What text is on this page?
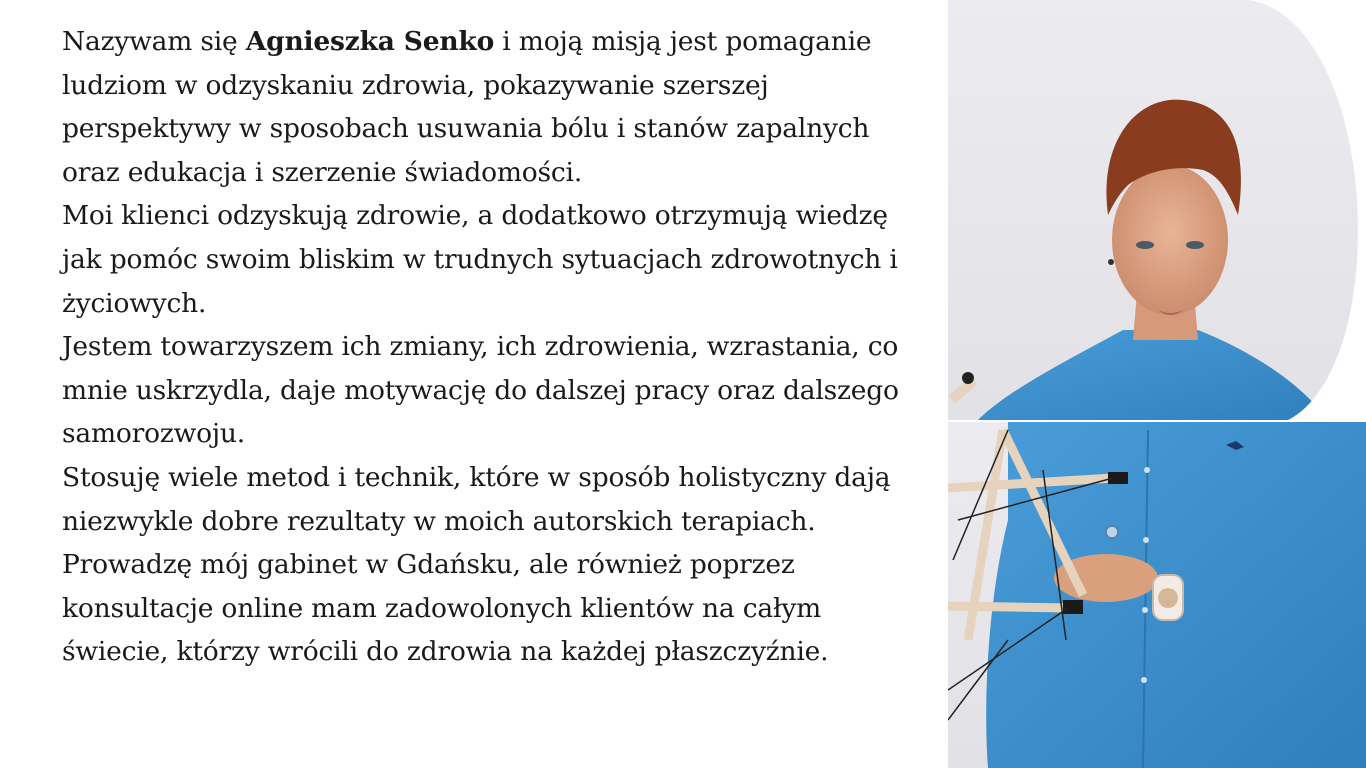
Nazywam się Agnieszka Senko i moją misją jest pomaganie ludziom w odzyskaniu zdrowia, pokazywanie szerszej perspektywy w sposobach usuwania bólu i stanów zapalnych oraz edukacja i szerzenie świadomości.

Moi klienci odzyskują zdrowie, a dodatkowo otrzymują wiedzę jak pomóc swoim bliskim w trudnych sytuacjach zdrowotnych i życiowych.

Jestem towarzyszem ich zmiany, ich zdrowienia, wzrastania, co mnie uskrzydla, daje motywację do dalszej pracy oraz dalszego samorozwoju.

Stosuję wiele metod i technik, które w sposób holistyczny dają niezwykle dobre rezultaty w moich autorskich terapiach.

Prowadzę mój gabinet w Gdańsku, ale również poprzez konsultacje online mam zadowolonych klientów na całym świecie, którzy wrócili do zdrowia na każdej płaszczyźnie.
